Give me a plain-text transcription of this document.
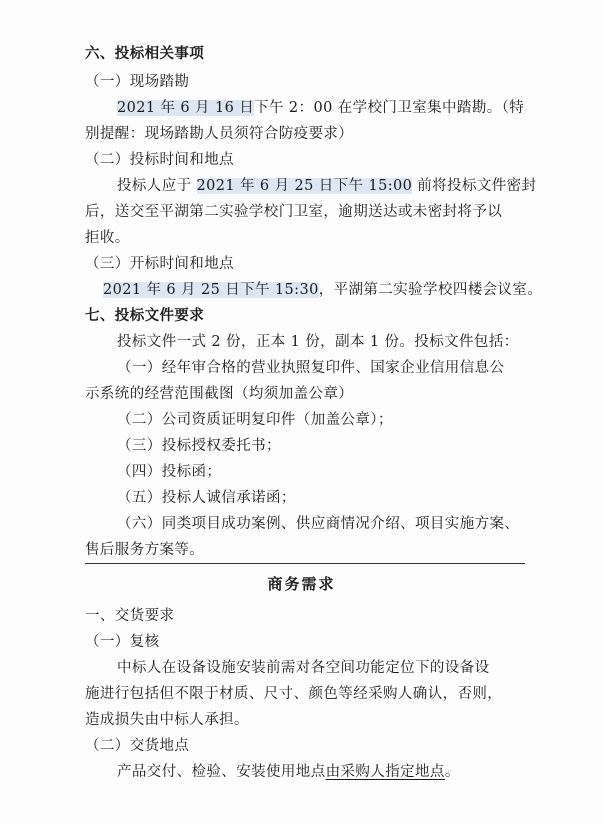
六、投标相关事项
（一）现场踏勘
2021 年 6 月 16 日下午 2：00 在学校门卫室集中踏勘。（特
别提醒：现场踏勘人员须符合防疫要求）
（二）投标时间和地点
投标人应于 2021 年 6 月 25 日下午 15:00 前将投标文件密封
后，送交至平湖第二实验学校门卫室，逾期送达或未密封将予以
拒收。
（三）开标时间和地点
2021 年 6 月 25 日下午 15:30，平湖第二实验学校四楼会议室。
七、投标文件要求
投标文件一式 2 份，正本 1 份，副本 1 份。投标文件包括：
（一）经年审合格的营业执照复印件、国家企业信用信息公
示系统的经营范围截图（均须加盖公章）
（二）公司资质证明复印件（加盖公章）；
（三）投标授权委托书；
（四）投标函；
（五）投标人诚信承诺函；
（六）同类项目成功案例、供应商情况介绍、项目实施方案、
售后服务方案等。
商务需求
一、交货要求
（一）复核
中标人在设备设施安装前需对各空间功能定位下的设备设
施进行包括但不限于材质、尺寸、颜色等经采购人确认，否则，
造成损失由中标人承担。
（二）交货地点
产品交付、检验、安装使用地点由采购人指定地点。
